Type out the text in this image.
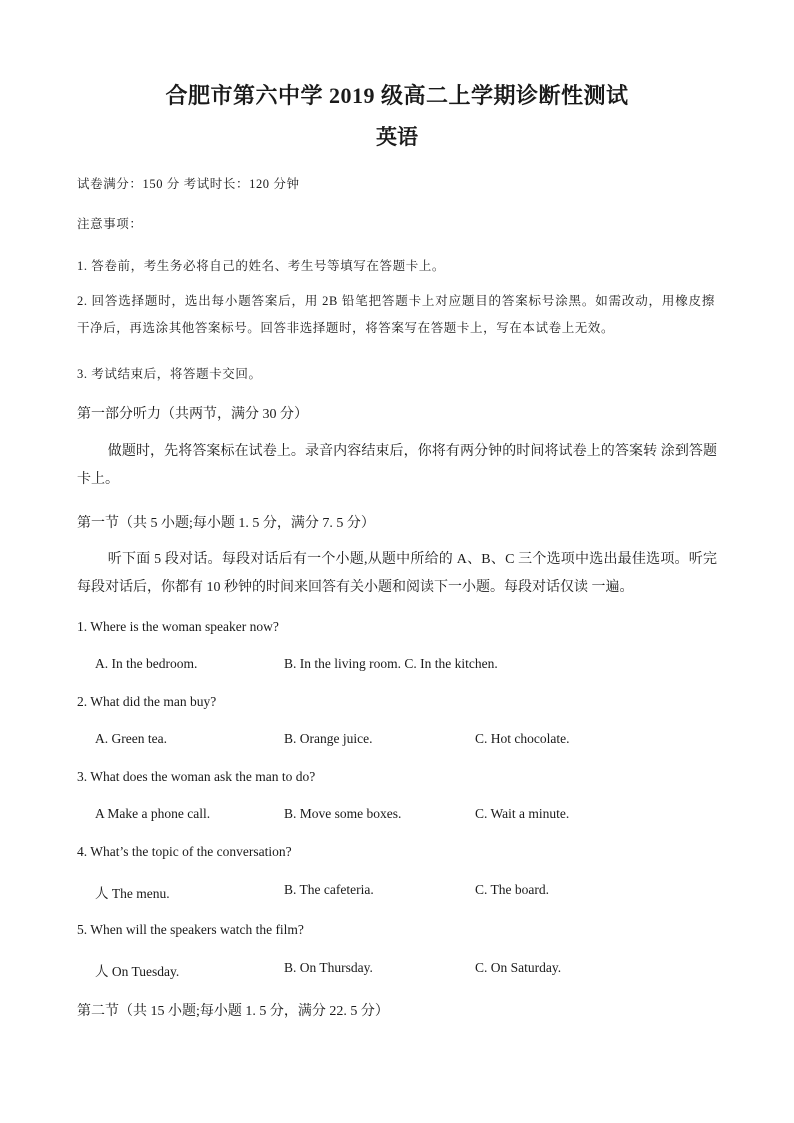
合肥市第六中学 2019 级高二上学期诊断性测试
英语
试卷满分：150 分 考试时长：120 分钟
注意事项：
1. 答卷前，考生务必将自己的姓名、考生号等填写在答题卡上。
2. 回答选择题时，选出每小题答案后，用 2B 铅笔把答题卡上对应题目的答案标号涂黑。如需改动，用橡皮擦 干净后，再选涂其他答案标号。回答非选择题时，将答案写在答题卡上，写在本试卷上无效。
3. 考试结束后，将答题卡交回。
第一部分听力（共两节，满分 30 分）
做题时，先将答案标在试卷上。录音内容结束后，你将有两分钟的时间将试卷上的答案转 涂到答题卡上。
第一节（共 5 小题;每小题 1. 5 分，满分 7. 5 分）
听下面 5 段对话。每段对话后有一个小题,从题中所给的 A、B、C 三个选项中选出最佳选项。听完每段对话后，你都有 10 秒钟的时间来回答有关小题和阅读下一小题。每段对话仅读 一遍。
1. Where is the woman speaker now?
A. In the bedroom.	B. In the living room. C. In the kitchen.
2. What did the man buy?
A. Green tea.	B. Orange juice.	C. Hot chocolate.
3. What does the woman ask the man to do?
A Make a phone call.	B. Move some boxes.	C. Wait a minute.
4. What’s the topic of the conversation?
人 The menu.	B. The cafeteria.	C. The board.
5. When will the speakers watch the film?
人 On Tuesday.	B. On Thursday.	C. On Saturday.
第二节（共 15 小题;每小题 1. 5 分，满分 22. 5 分）
